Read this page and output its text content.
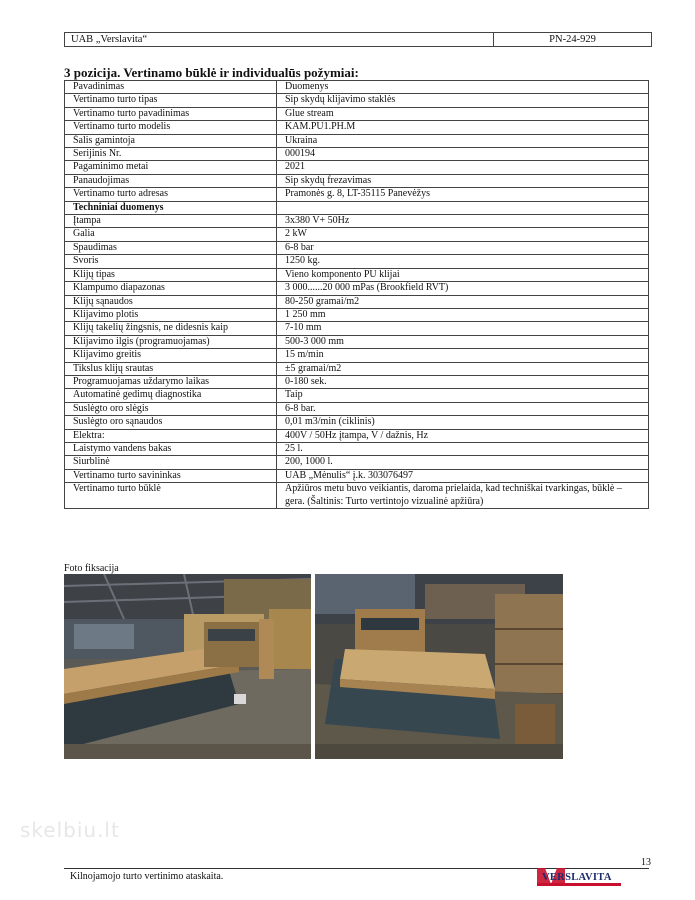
UAB „Verslavita“	PN-24-929
3 pozicija. Vertinamo būklė ir individualūs požymiai:
Pavadinimas	Duomenys
Vertinamo turto tipas	Sip skydų klijavimo staklės
Vertinamo turto pavadinimas	Glue stream
Vertinamo turto modelis	KAM.PU1.PH.M
Šalis gamintoja	Ukraina
Serijinis Nr.	000194
Pagaminimo metai	2021
Panaudojimas	Sip skydų frezavimas
Vertinamo turto adresas	Pramonės g. 8, LT-35115 Panevėžys
Techniniai duomenys	
Įtampa	3x380 V+ 50Hz
Galia	2 kW
Spaudimas	6-8 bar
Svoris	1250 kg.
Klijų tipas	Vieno komponento PU klijai
Klampumo diapazonas	3 000......20 000 mPas (Brookfield RVT)
Klijų sąnaudos	80-250 gramai/m2
Klijavimo plotis	1 250 mm
Klijų takelių žingsnis, ne didesnis kaip	7-10 mm
Klijavimo ilgis (programuojamas)	500-3 000 mm
Klijavimo greitis	15 m/min
Tikslus klijų srautas	±5 gramai/m2
Programuojamas uždarymo laikas	0-180 sek.
Automatinė gedimų diagnostika	Taip
Suslėgto oro slėgis	6-8 bar.
Suslėgto oro sąnaudos	0,01 m3/min (ciklinis)
Elektra:	400V / 50Hz įtampa, V / dažnis, Hz
Laistymo vandens bakas	25 l.
Siurblinė	200, 1000 l.
Vertinamo turto savininkas	UAB „Mėnulis“ į.k. 303076497
Vertinamo turto būklė	Apžiūros metu buvo veikiantis, daroma prielaida, kad techniškai tvarkingas, būklė – gera. (Šaltinis: Turto vertintojo vizualinė apžiūra)
Foto fiksacija
skelbiu.lt
13
Kilnojamojo turto vertinimo ataskaita.	VERSLAVITA
